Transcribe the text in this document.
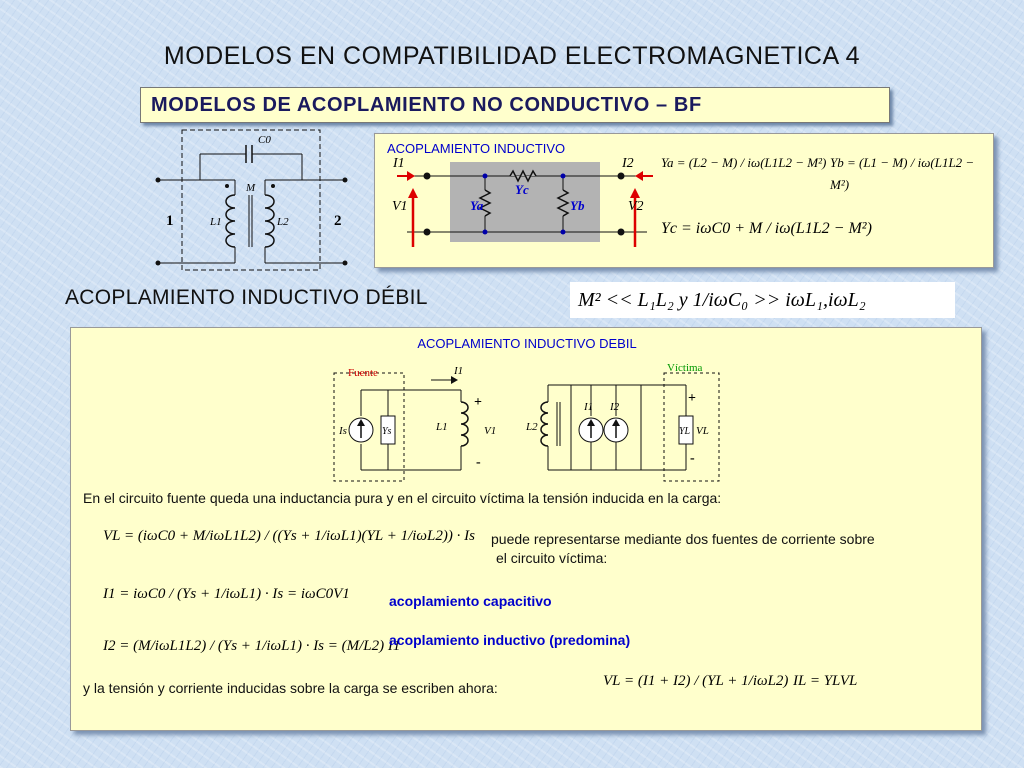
MODELOS EN COMPATIBILIDAD ELECTROMAGNETICA 4
MODELOS DE ACOPLAMIENTO NO CONDUCTIVO – BF
C0
M
L1	L2
1	2
ACOPLAMIENTO INDUCTIVO
I1	I2
V1	V2
Ya
Yc
Yb
Ya = (L2 − M) / iω(L1L2 − M²) Yb = (L1 − M) / iω(L1L2 − M²)
Yc = iωC0 + M / iω(L1L2 − M²)
ACOPLAMIENTO INDUCTIVO DÉBIL	M² << L₁L₂ y 1/iωC₀ >> iωL₁,iωL₂
ACOPLAMIENTO INDUCTIVO DEBIL
Fuente
Is	Ys	L1
+
-
V1
I1
L2
I1 I2
Víctima
YL VL
+
-
En el circuito fuente queda una inductancia pura y en el circuito víctima la tensión inducida en la carga:
VL = (iωC0 + M/iωL1L2) / ((Ys + 1/iωL1)(YL + 1/iωL2)) · Is puede representarse mediante dos fuentes de corriente sobre
el circuito víctima:
I1 = iωC0 / (Ys + 1/iωL1) · Is = iωC0V1	acoplamiento capacitivo
I2 = (M/iωL1L2) / (Ys + 1/iωL1) · Is = (M/L2) I1
acoplamiento inductivo (predomina)
y la tensión y corriente inducidas sobre la carga se escriben ahora:	VL = (I1 + I2) / (YL + 1/iωL2) IL = YLVL
